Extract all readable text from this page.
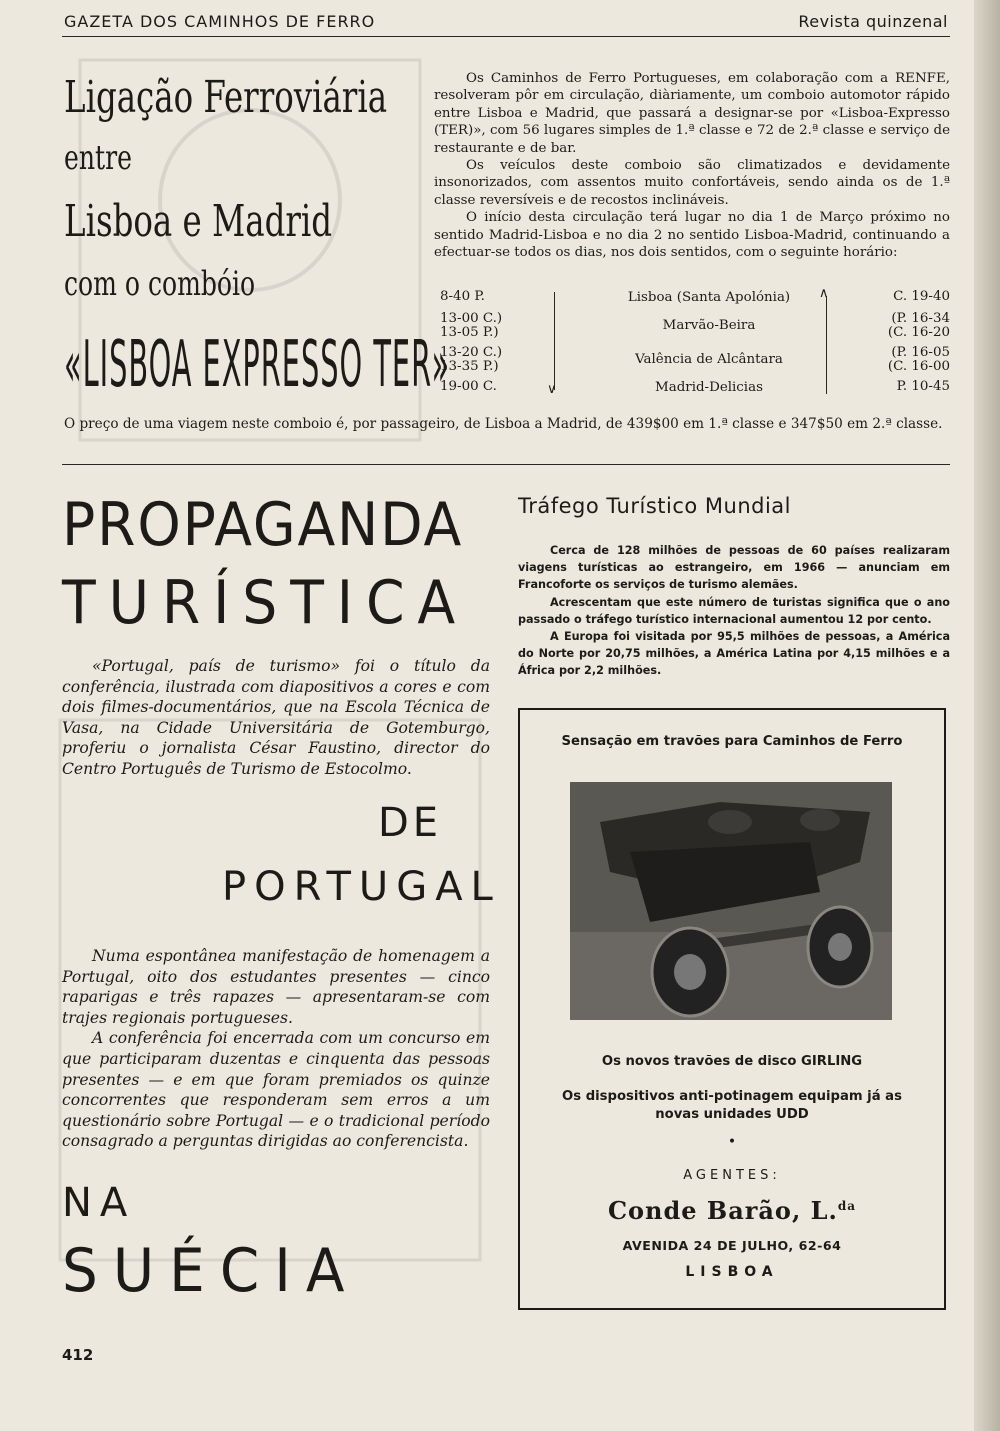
GAZETA DOS CAMINHOS DE FERRO	Revista quinzenal
Ligação Ferroviária
entre
Lisboa e Madrid
com o combóio
«LISBOA EXPRESSO TER»

Os Caminhos de Ferro Portugueses, em colaboração com a RENFE, resolveram pôr em circulação, diàriamente, um comboio automotor rápido entre Lisboa e Madrid, que passará a designar-se por «Lisboa-Expresso (TER)», com 56 lugares simples de 1.ª classe e 72 de 2.ª classe e serviço de restaurante e de bar.

Os veículos deste comboio são climatizados e devidamente insonorizados, com assentos muito confortáveis, sendo ainda os de 1.ª classe reversíveis e de recostos inclináveis.

O início desta circulação terá lugar no dia 1 de Março próximo no sentido Madrid-Lisboa e no dia 2 no sentido Lisboa-Madrid, continuando a efectuar-se todos os dias, nos dois sentidos, com o seguinte horário:

∨
∧
8-40 P.	Lisboa (Santa Apolónia)	C. 19-40
13-00 C.)
13-05 P.)	Marvão-Beira	(P. 16-34
(C. 16-20
13-20 C.)
13-35 P.)	Valência de Alcântara	(P. 16-05
(C. 16-00
19-00 C.	Madrid-Delicias	P. 10-45
O preço de uma viagem neste comboio é, por passageiro, de Lisboa a Madrid, de 439$00 em 1.ª classe e 347$50 em 2.ª classe.
PROPAGANDA
TURÍSTICA

«Portugal, país de turismo» foi o título da conferência, ilustrada com diapositivos a cores e com dois filmes-documentários, que na Escola Técnica de Vasa, na Cidade Universitária de Gotemburgo, proferiu o jornalista César Faustino, director do Centro Português de Turismo de Estocolmo.

DE
PORTUGAL

Numa espontânea manifestação de homenagem a Portugal, oito dos estudantes presentes — cinco raparigas e três rapazes — apresentaram-se com trajes regionais portugueses.

A conferência foi encerrada com um concurso em que participaram duzentas e cinquenta das pessoas presentes — e em que foram premiados os quinze concorrentes que responderam sem erros a um questionário sobre Portugal — e o tradicional período consagrado a perguntas dirigidas ao conferencista.

NA
SUÉCIA
Tráfego Turístico Mundial

Cerca de 128 milhões de pessoas de 60 países realizaram viagens turísticas ao estrangeiro, em 1966 — anunciam em Francoforte os serviços de turismo alemães.

Acrescentam que este número de turistas significa que o ano passado o tráfego turístico internacional aumentou 12 por cento.

A Europa foi visitada por 95,5 milhões de pessoas, a América do Norte por 20,75 milhões, a América Latina por 4,15 milhões e a África por 2,2 milhões.

Sensação em travões para Caminhos de Ferro
Os novos travões de disco GIRLING
Os dispositivos anti-potinagem equipam já as novas unidades UDD
•
AGENTES:
Conde Barão, L.$^{da}$
AVENIDA 24 DE JULHO, 62-64
LISBOA
412
